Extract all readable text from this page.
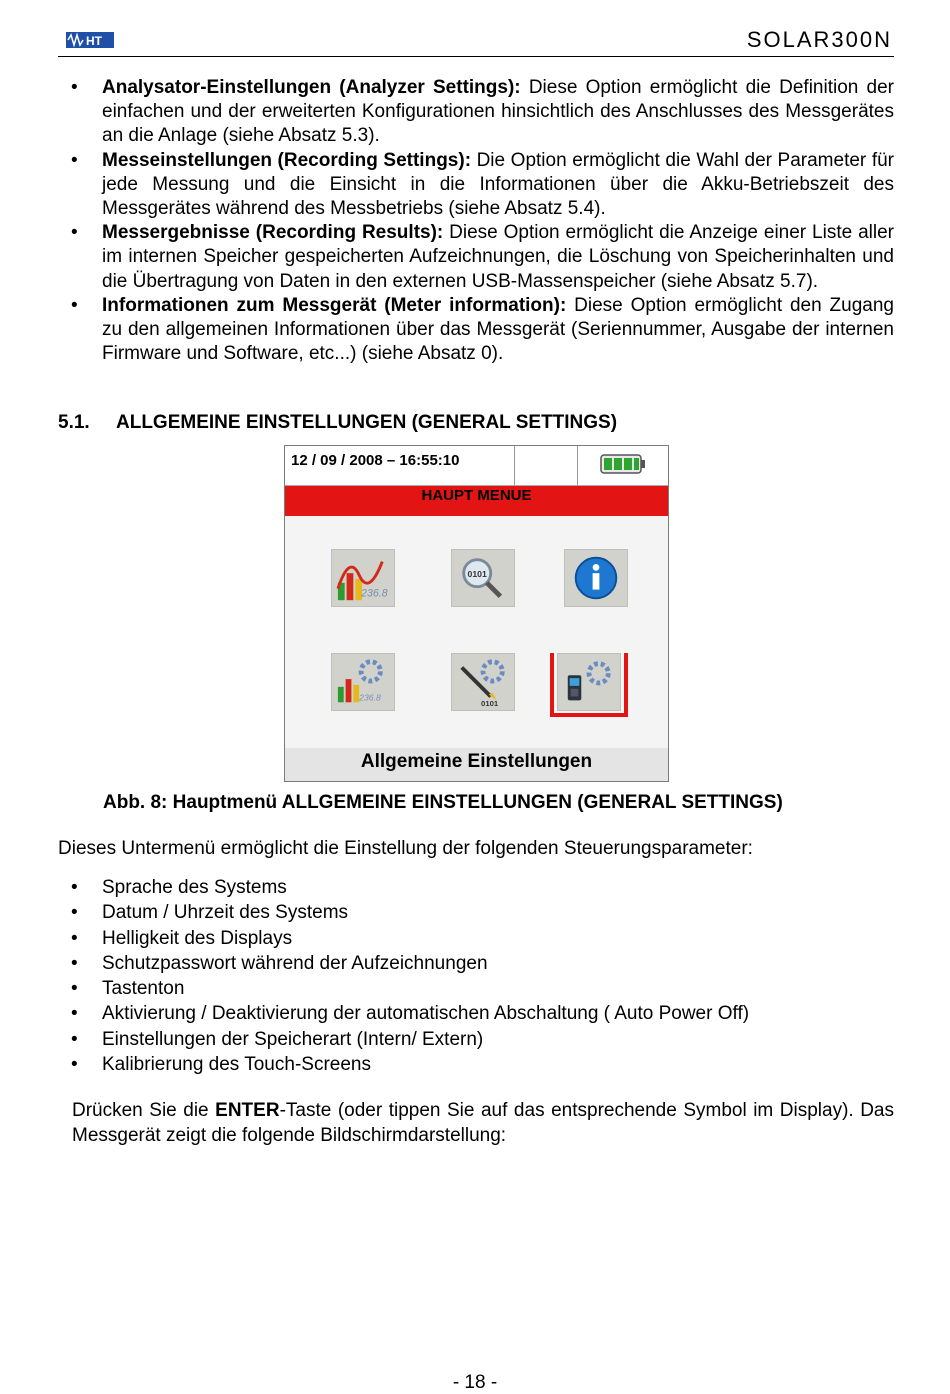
HT	SOLAR300N
• Analysator-Einstellungen (Analyzer Settings): Diese Option ermöglicht die Definition der einfachen und der erweiterten Konfigurationen hinsichtlich des Anschlusses des Messgerätes an die Anlage (siehe Absatz 5.3).
• Messeinstellungen (Recording Settings): Die Option ermöglicht die Wahl der Parameter für jede Messung und die Einsicht in die Informationen über die Akku-Betriebszeit des Messgerätes während des Messbetriebs (siehe Absatz 5.4).
• Messergebnisse (Recording Results): Diese Option ermöglicht die Anzeige einer Liste aller im internen Speicher gespeicherten Aufzeichnungen, die Löschung von Speicherinhalten und die Übertragung von Daten in den externen USB-Massenspeicher (siehe Absatz 5.7).
• Informationen zum Messgerät (Meter information): Diese Option ermöglicht den Zugang zu den allgemeinen Informationen über das Messgerät (Seriennummer, Ausgabe der internen Firmware und Software, etc...) (siehe Absatz 0).
5.1. ALLGEMEINE EINSTELLUNGEN (GENERAL SETTINGS)
12 / 09 / 2008 – 16:55:10
HAUPT MENUE
236.8
0101
236.8
0101
Allgemeine Einstellungen
Abb. 8: Hauptmenü ALLGEMEINE EINSTELLUNGEN (GENERAL SETTINGS)
Dieses Untermenü ermöglicht die Einstellung der folgenden Steuerungsparameter:
• Sprache des Systems
• Datum / Uhrzeit des Systems
• Helligkeit des Displays
• Schutzpasswort während der Aufzeichnungen
• Tastenton
• Aktivierung / Deaktivierung der automatischen Abschaltung ( Auto Power Off)
• Einstellungen der Speicherart (Intern/ Extern)
• Kalibrierung des Touch-Screens
Drücken Sie die ENTER-Taste (oder tippen Sie auf das entsprechende Symbol im Display). Das Messgerät zeigt die folgende Bildschirmdarstellung:
- 18 -
